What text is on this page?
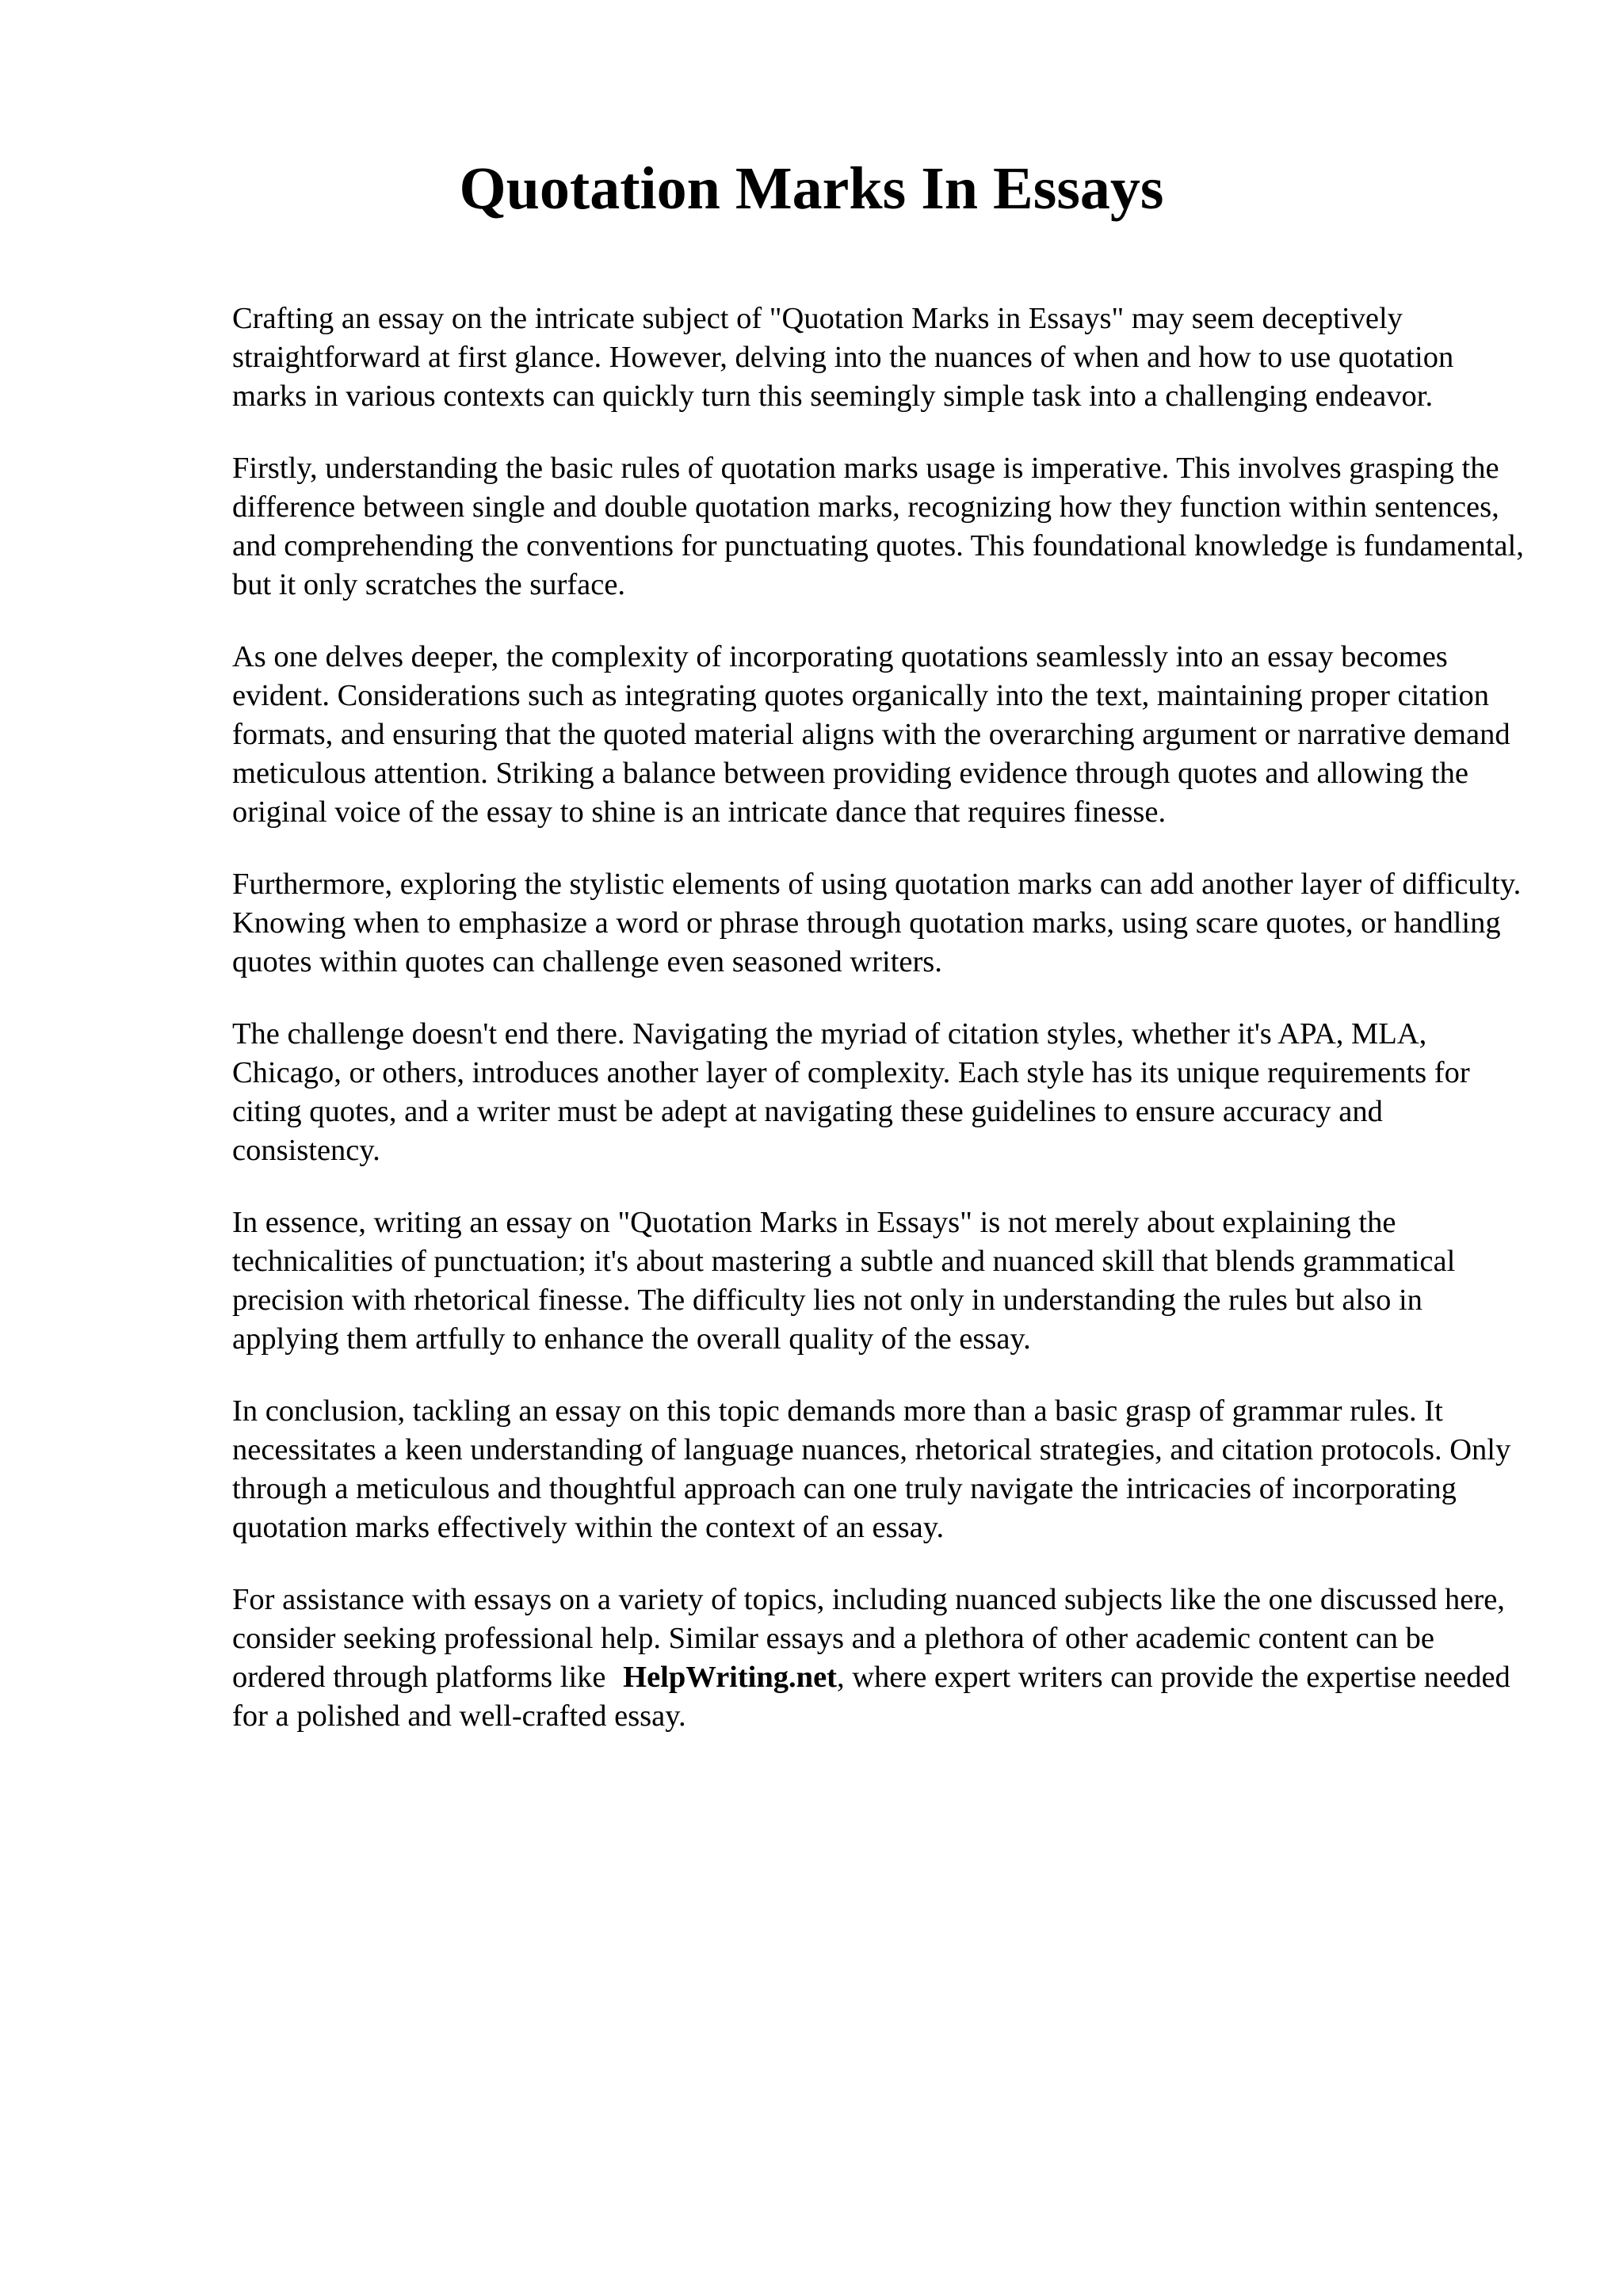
Quotation Marks In Essays

Crafting an essay on the intricate subject of "Quotation Marks in Essays" may seem deceptively straightforward at first glance. However, delving into the nuances of when and how to use quotation marks in various contexts can quickly turn this seemingly simple task into a challenging endeavor.

Firstly, understanding the basic rules of quotation marks usage is imperative. This involves grasping the difference between single and double quotation marks, recognizing how they function within sentences, and comprehending the conventions for punctuating quotes. This foundational knowledge is fundamental, but it only scratches the surface.

As one delves deeper, the complexity of incorporating quotations seamlessly into an essay becomes evident. Considerations such as integrating quotes organically into the text, maintaining proper citation formats, and ensuring that the quoted material aligns with the overarching argument or narrative demand meticulous attention. Striking a balance between providing evidence through quotes and allowing the original voice of the essay to shine is an intricate dance that requires finesse.

Furthermore, exploring the stylistic elements of using quotation marks can add another layer of difficulty. Knowing when to emphasize a word or phrase through quotation marks, using scare quotes, or handling quotes within quotes can challenge even seasoned writers.

The challenge doesn't end there. Navigating the myriad of citation styles, whether it's APA, MLA, Chicago, or others, introduces another layer of complexity. Each style has its unique requirements for citing quotes, and a writer must be adept at navigating these guidelines to ensure accuracy and consistency.

In essence, writing an essay on "Quotation Marks in Essays" is not merely about explaining the technicalities of punctuation; it's about mastering a subtle and nuanced skill that blends grammatical precision with rhetorical finesse. The difficulty lies not only in understanding the rules but also in applying them artfully to enhance the overall quality of the essay.

In conclusion, tackling an essay on this topic demands more than a basic grasp of grammar rules. It necessitates a keen understanding of language nuances, rhetorical strategies, and citation protocols. Only through a meticulous and thoughtful approach can one truly navigate the intricacies of incorporating quotation marks effectively within the context of an essay.

For assistance with essays on a variety of topics, including nuanced subjects like the one discussed here, consider seeking professional help. Similar essays and a plethora of other academic content can be ordered through platforms like HelpWriting.net, where expert writers can provide the expertise needed for a polished and well-crafted essay.
